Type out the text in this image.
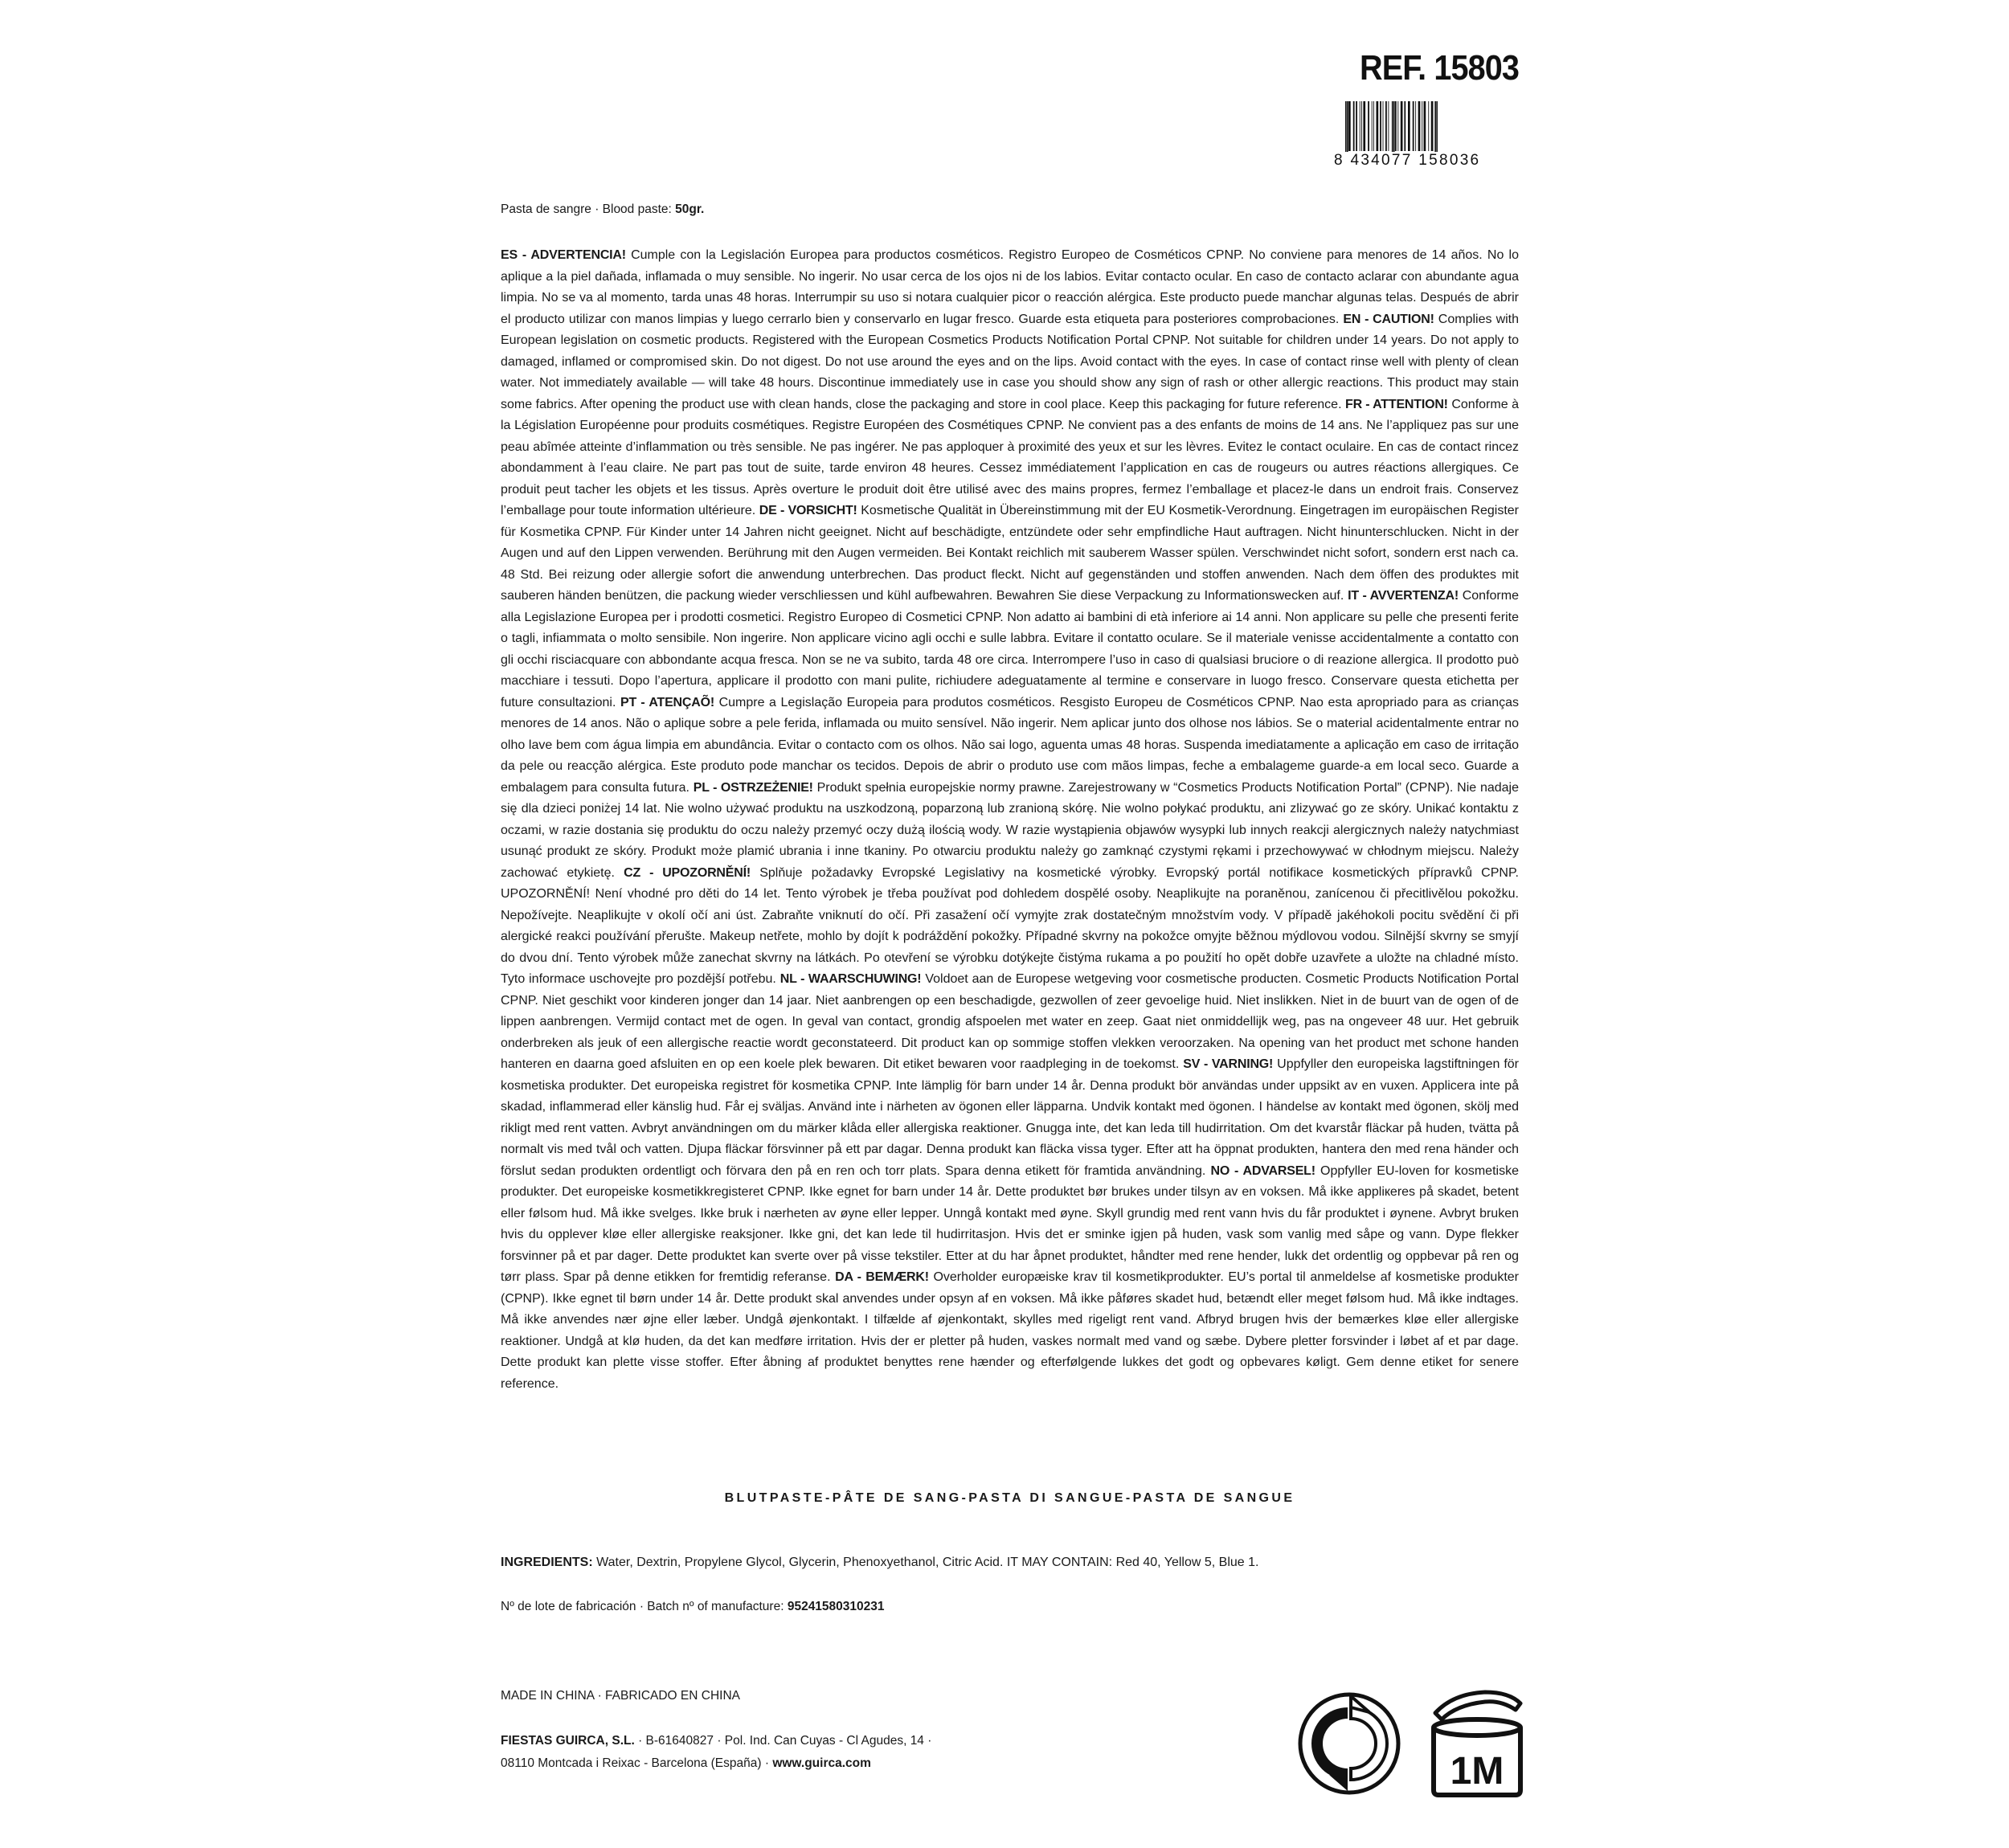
REF. 15803
8 434077 158036
Pasta de sangre · Blood paste: 50gr.

ES - ADVERTENCIA! Cumple con la Legislación Europea para productos cosméticos. Registro Europeo de Cosméticos CPNP. No conviene para menores de 14 años. No lo aplique a la piel dañada, inflamada o muy sensible. No ingerir. No usar cerca de los ojos ni de los labios. Evitar contacto ocular. En caso de contacto aclarar con abundante agua limpia. No se va al momento, tarda unas 48 horas. Interrumpir su uso si notara cualquier picor o reacción alérgica. Este producto puede manchar algunas telas. Después de abrir el producto utilizar con manos limpias y luego cerrarlo bien y conservarlo en lugar fresco. Guarde esta etiqueta para posteriores comprobaciones. EN - CAUTION! Complies with European legislation on cosmetic products. Registered with the European Cosmetics Products Notification Portal CPNP. Not suitable for children under 14 years. Do not apply to damaged, inflamed or compromised skin. Do not digest. Do not use around the eyes and on the lips. Avoid contact with the eyes. In case of contact rinse well with plenty of clean water. Not immediately available — will take 48 hours. Discontinue immediately use in case you should show any sign of rash or other allergic reactions. This product may stain some fabrics. After opening the product use with clean hands, close the packaging and store in cool place. Keep this packaging for future reference. FR - ATTENTION! Conforme à la Législation Européenne pour produits cosmétiques. Registre Européen des Cosmétiques CPNP. Ne convient pas a des enfants de moins de 14 ans. Ne l’appliquez pas sur une peau abîmée atteinte d’inflammation ou très sensible. Ne pas ingérer. Ne pas apploquer à proximité des yeux et sur les lèvres. Evitez le contact oculaire. En cas de contact rincez abondamment à l’eau claire. Ne part pas tout de suite, tarde environ 48 heures. Cessez immédiatement l’application en cas de rougeurs ou autres réactions allergiques. Ce produit peut tacher les objets et les tissus. Après overture le produit doit être utilisé avec des mains propres, fermez l’emballage et placez-le dans un endroit frais. Conservez l’emballage pour toute information ultérieure. DE - VORSICHT! Kosmetische Qualität in Übereinstimmung mit der EU Kosmetik-Verordnung. Eingetragen im europäischen Register für Kosmetika CPNP. Für Kinder unter 14 Jahren nicht geeignet. Nicht auf beschädigte, entzündete oder sehr empfindliche Haut auftragen. Nicht hinunterschlucken. Nicht in der Augen und auf den Lippen verwenden. Berührung mit den Augen vermeiden. Bei Kontakt reichlich mit sauberem Wasser spülen. Verschwindet nicht sofort, sondern erst nach ca. 48 Std. Bei reizung oder allergie sofort die anwendung unterbrechen. Das product fleckt. Nicht auf gegenständen und stoffen anwenden. Nach dem öffen des produktes mit sauberen händen benützen, die packung wieder verschliessen und kühl aufbewahren. Bewahren Sie diese Verpackung zu Informationswecken auf. IT - AVVERTENZA! Conforme alla Legislazione Europea per i prodotti cosmetici. Registro Europeo di Cosmetici CPNP. Non adatto ai bambini di età inferiore ai 14 anni. Non applicare su pelle che presenti ferite o tagli, infiammata o molto sensibile. Non ingerire. Non applicare vicino agli occhi e sulle labbra. Evitare il contatto oculare. Se il materiale venisse accidentalmente a contatto con gli occhi risciacquare con abbondante acqua fresca. Non se ne va subito, tarda 48 ore circa. Interrompere l’uso in caso di qualsiasi bruciore o di reazione allergica. Il prodotto può macchiare i tessuti. Dopo l’apertura, applicare il prodotto con mani pulite, richiudere adeguatamente al termine e conservare in luogo fresco. Conservare questa etichetta per future consultazioni. PT - ATENÇAÕ! Cumpre a Legislação Europeia para produtos cosméticos. Resgisto Europeu de Cosméticos CPNP. Nao esta apropriado para as crianças menores de 14 anos. Não o aplique sobre a pele ferida, inflamada ou muito sensível. Não ingerir. Nem aplicar junto dos olhose nos lábios. Se o material acidentalmente entrar no olho lave bem com água limpia em abundância. Evitar o contacto com os olhos. Não sai logo, aguenta umas 48 horas. Suspenda imediatamente a aplicação em caso de irritação da pele ou reacção alérgica. Este produto pode manchar os tecidos. Depois de abrir o produto use com mãos limpas, feche a embalageme guarde-a em local seco. Guarde a embalagem para consulta futura. PL - OSTRZEŻENIE! Produkt spełnia europejskie normy prawne. Zarejestrowany w “Cosmetics Products Notification Portal” (CPNP). Nie nadaje się dla dzieci poniżej 14 lat. Nie wolno używać produktu na uszkodzoną, poparzoną lub zranioną skórę. Nie wolno połykać produktu, ani zlizywać go ze skóry. Unikać kontaktu z oczami, w razie dostania się produktu do oczu należy przemyć oczy dużą ilością wody. W razie wystąpienia objawów wysypki lub innych reakcji alergicznych należy natychmiast usunąć produkt ze skóry. Produkt może plamić ubrania i inne tkaniny. Po otwarciu produktu należy go zamknąć czystymi rękami i przechowywać w chłodnym miejscu. Należy zachować etykietę. CZ - UPOZORNĚNÍ! Splňuje požadavky Evropské Legislativy na kosmetické výrobky. Evropský portál notifikace kosmetických přípravků CPNP. UPOZORNĚNÍ! Není vhodné pro děti do 14 let. Tento výrobek je třeba používat pod dohledem dospělé osoby. Neaplikujte na poraněnou, zanícenou či přecitlivělou pokožku. Nepožívejte. Neaplikujte v okolí očí ani úst. Zabraňte vniknutí do očí. Při zasažení očí vymyjte zrak dostatečným množstvím vody. V případě jakéhokoli pocitu svědění či při alergické reakci používání přerušte. Makeup netřete, mohlo by dojít k podráždění pokožky. Případné skvrny na pokožce omyjte běžnou mýdlovou vodou. Silnější skvrny se smyjí do dvou dní. Tento výrobek může zanechat skvrny na látkách. Po otevření se výrobku dotýkejte čistýma rukama a po použití ho opět dobře uzavřete a uložte na chladné místo. Tyto informace uschovejte pro pozdější potřebu. NL - WAARSCHUWING! Voldoet aan de Europese wetgeving voor cosmetische producten. Cosmetic Products Notification Portal CPNP. Niet geschikt voor kinderen jonger dan 14 jaar. Niet aanbrengen op een beschadigde, gezwollen of zeer gevoelige huid. Niet inslikken. Niet in de buurt van de ogen of de lippen aanbrengen. Vermijd contact met de ogen. In geval van contact, grondig afspoelen met water en zeep. Gaat niet onmiddellijk weg, pas na ongeveer 48 uur. Het gebruik onderbreken als jeuk of een allergische reactie wordt geconstateerd. Dit product kan op sommige stoffen vlekken veroorzaken. Na opening van het product met schone handen hanteren en daarna goed afsluiten en op een koele plek bewaren. Dit etiket bewaren voor raadpleging in de toekomst. SV - VARNING! Uppfyller den europeiska lagstiftningen för kosmetiska produkter. Det europeiska registret för kosmetika CPNP. Inte lämplig för barn under 14 år. Denna produkt bör användas under uppsikt av en vuxen. Applicera inte på skadad, inflammerad eller känslig hud. Får ej sväljas. Använd inte i närheten av ögonen eller läpparna. Undvik kontakt med ögonen. I händelse av kontakt med ögonen, skölj med rikligt med rent vatten. Avbryt användningen om du märker klåda eller allergiska reaktioner. Gnugga inte, det kan leda till hudirritation. Om det kvarstår fläckar på huden, tvätta på normalt vis med tvål och vatten. Djupa fläckar försvinner på ett par dagar. Denna produkt kan fläcka vissa tyger. Efter att ha öppnat produkten, hantera den med rena händer och förslut sedan produkten ordentligt och förvara den på en ren och torr plats. Spara denna etikett för framtida användning. NO - ADVARSEL! Oppfyller EU-loven for kosmetiske produkter. Det europeiske kosmetikkregisteret CPNP. Ikke egnet for barn under 14 år. Dette produktet bør brukes under tilsyn av en voksen. Må ikke appliкeres på skadet, betent eller følsom hud. Må ikke svelges. Ikke bruk i nærheten av øyne eller lepper. Unngå kontakt med øyne. Skyll grundig med rent vann hvis du får produktet i øynene. Avbryt bruken hvis du opplever kløe eller allergiske reaksjoner. Ikke gni, det kan lede til hudirritasjon. Hvis det er sminke igjen på huden, vask som vanlig med såpe og vann. Dype flekker forsvinner på et par dager. Dette produktet kan sverte over på visse tekstiler. Etter at du har åpnet produktet, håndter med rene hender, lukk det ordentlig og oppbevar på ren og tørr plass. Spar på denne etikken for fremtidig referanse. DA - BEMÆRK! Overholder europæiske krav til kosmetikprodukter. EU’s portal til anmeldelse af kosmetiske produkter (CPNP). Ikke egnet til børn under 14 år. Dette produkt skal anvendes under opsyn af en voksen. Må ikke påføres skadet hud, betændt eller meget følsom hud. Må ikke indtages. Må ikke anvendes nær øjne eller læber. Undgå øjenkontakt. I tilfælde af øjenkontakt, skylles med rigeligt rent vand. Afbryd brugen hvis der bemærkes kløe eller allergiske reaktioner. Undgå at klø huden, da det kan medføre irritation. Hvis der er pletter på huden, vaskes normalt med vand og sæbe. Dybere pletter forsvinder i løbet af et par dage. Dette produkt kan plette visse stoffer. Efter åbning af produktet benyttes rene hænder og efterfølgende lukkes det godt og opbevares køligt. Gem denne etiket for senere reference.

BLUTPASTE-PÂTE DE SANG-PASTA DI SANGUE-PASTA DE SANGUE
INGREDIENTS: Water, Dextrin, Propylene Glycol, Glycerin, Phenoxyethanol, Citric Acid. IT MAY CONTAIN: Red 40, Yellow 5, Blue 1.
Nº de lote de fabricación · Batch nº of manufacture: 95241580310231
MADE IN CHINA · FABRICADO EN CHINA
FIESTAS GUIRCA, S.L. · B-61640827 · Pol. Ind. Can Cuyas - Cl Agudes, 14 ·
08110 Montcada i Reixac - Barcelona (España) · www.guirca.com	1M
